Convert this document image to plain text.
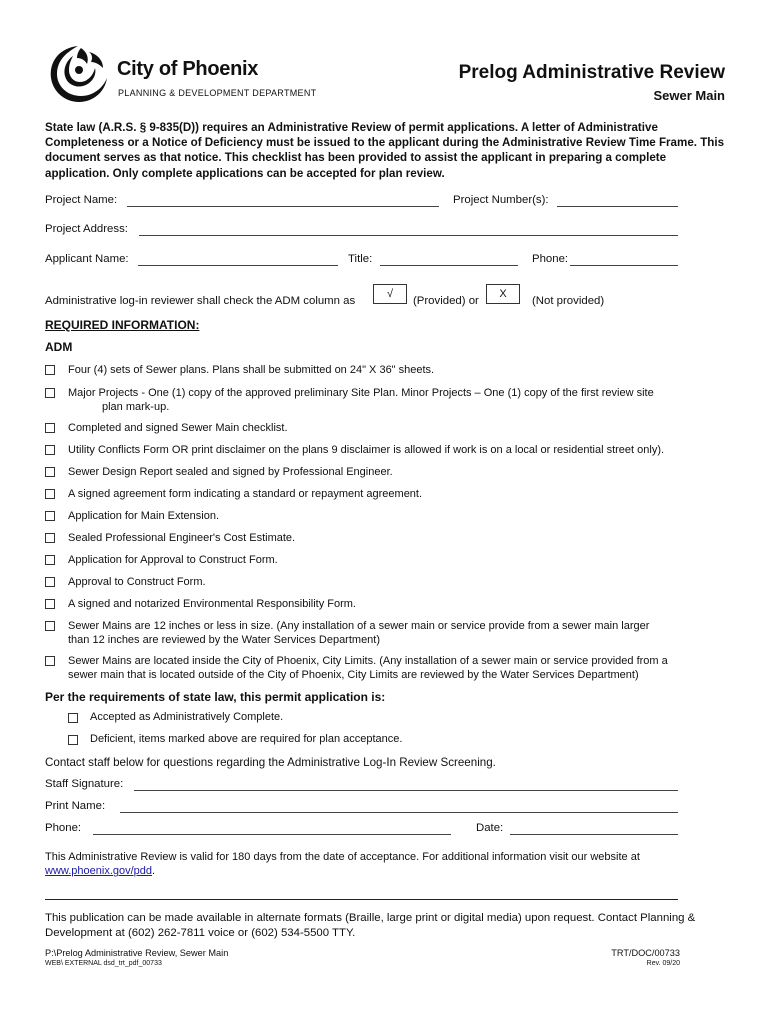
City of Phoenix
PLANNING & DEVELOPMENT DEPARTMENT
Prelog Administrative Review
Sewer Main
State law (A.R.S. § 9-835(D)) requires an Administrative Review of permit applications. A letter of Administrative Completeness or a Notice of Deficiency must be issued to the applicant during the Administrative Review Time Frame. This document serves as that notice. This checklist has been provided to assist the applicant in preparing a complete application. Only complete applications can be accepted for plan review.
Project Name:	Project Number(s):
Project Address:
Applicant Name:	Title:	Phone:
Administrative log-in reviewer shall check the ADM column as
√
(Provided) or
X
(Not provided)
REQUIRED INFORMATION:
ADM
Four (4) sets of Sewer plans. Plans shall be submitted on 24" X 36" sheets.
Major Projects - One (1) copy of the approved preliminary Site Plan. Minor Projects – One (1) copy of the first review site
plan mark-up.
Completed and signed Sewer Main checklist.
Utility Conflicts Form OR print disclaimer on the plans 9 disclaimer is allowed if work is on a local or residential street only).
Sewer Design Report sealed and signed by Professional Engineer.
A signed agreement form indicating a standard or repayment agreement.
Application for Main Extension.
Sealed Professional Engineer's Cost Estimate.
Application for Approval to Construct Form.
Approval to Construct Form.
A signed and notarized Environmental Responsibility Form.
Sewer Mains are 12 inches or less in size. (Any installation of a sewer main or service provide from a sewer main larger
than 12 inches are reviewed by the Water Services Department)
Sewer Mains are located inside the City of Phoenix, City Limits. (Any installation of a sewer main or service provided from a
sewer main that is located outside of the City of Phoenix, City Limits are reviewed by the Water Services Department)
Per the requirements of state law, this permit application is:
Accepted as Administratively Complete.
Deficient, items marked above are required for plan acceptance.
Contact staff below for questions regarding the Administrative Log-In Review Screening.
Staff Signature:
Print Name:
Phone:	Date:
This Administrative Review is valid for 180 days from the date of acceptance. For additional information visit our website at www.phoenix.gov/pdd.
This publication can be made available in alternate formats (Braille, large print or digital media) upon request. Contact Planning & Development at (602) 262-7811 voice or (602) 534-5500 TTY.
P:\Prelog Administrative Review, Sewer Main
WEB\ EXTERNAL dsd_trt_pdf_00733
TRT/DOC/00733
Rev. 09/20
